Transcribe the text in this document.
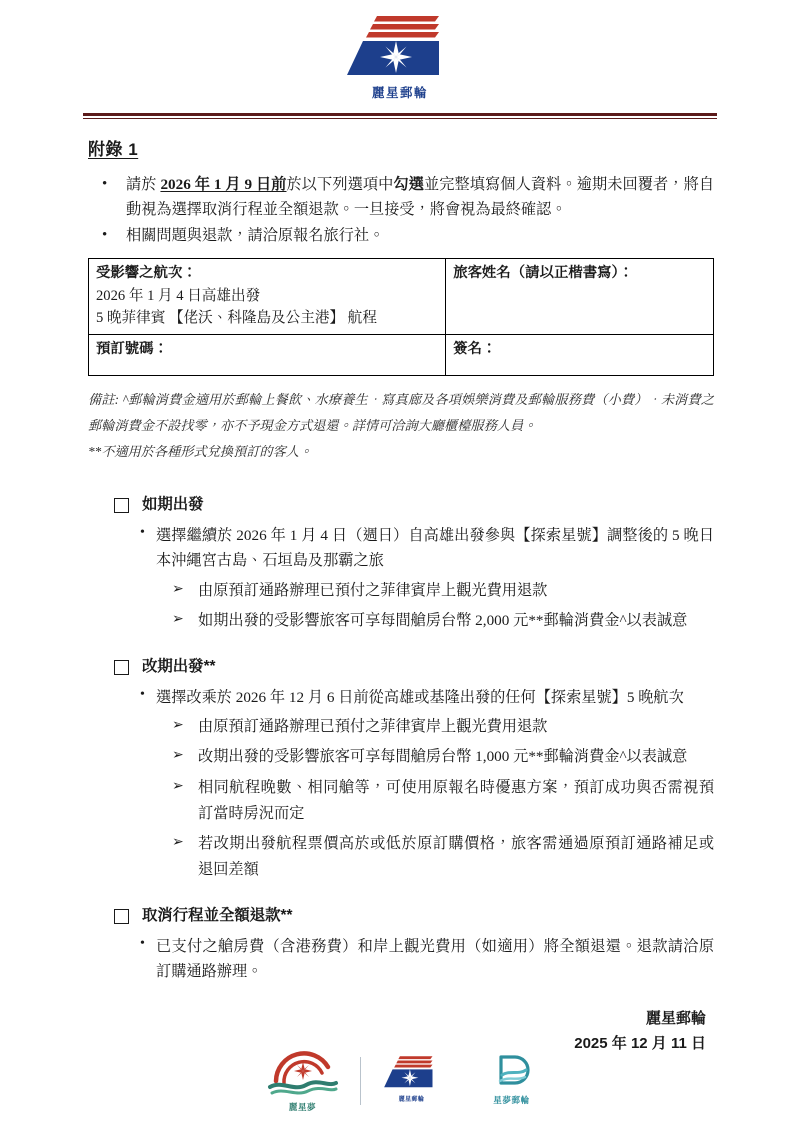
麗星郵輪
附錄 1
• 請於 2026 年 1 月 9 日前於以下列選項中勾選並完整填寫個人資料。逾期未回覆者，將自動視為選擇取消行程並全額退款。一旦接受，將會視為最終確認。
• 相關問題與退款，請洽原報名旅行社。
受影響之航次：
2026 年 1 月 4 日高雄出發
5 晚菲律賓 【佬沃、科隆島及公主港】 航程	旅客姓名（請以正楷書寫）：

預訂號碼：	簽名：
備註: ^郵輪消費金適用於郵輪上餐飲、水療養生．寫真廊及各項娛樂消費及郵輪服務費（小費）．未消費之郵輪消費金不設找零，亦不予現金方式退還。詳情可洽詢大廳櫃檯服務人員。
**不適用於各種形式兌換預訂的客人。
如期出發
• 選擇繼續於 2026 年 1 月 4 日（週日）自高雄出發參與【探索星號】調整後的 5 晚日本沖繩宮古島、石垣島及那霸之旅
➢ 由原預訂通路辦理已預付之菲律賓岸上觀光費用退款
➢ 如期出發的受影響旅客可享每間艙房台幣 2,000 元**郵輪消費金^以表誠意
改期出發**
• 選擇改乘於 2026 年 12 月 6 日前從高雄或基隆出發的任何【探索星號】5 晚航次
➢ 由原預訂通路辦理已預付之菲律賓岸上觀光費用退款
➢ 改期出發的受影響旅客可享每間艙房台幣 1,000 元**郵輪消費金^以表誠意
➢ 相同航程晚數、相同艙等，可使用原報名時優惠方案，預訂成功與否需視預訂當時房況而定
➢ 若改期出發航程票價高於或低於原訂購價格，旅客需通過原預訂通路補足或退回差額
取消行程並全額退款**
• 已支付之艙房費（含港務費）和岸上觀光費用（如適用）將全額退還。退款請洽原訂購通路辦理。
麗星郵輪
2025 年 12 月 11 日
麗星夢
麗星郵輪	星夢郵輪
